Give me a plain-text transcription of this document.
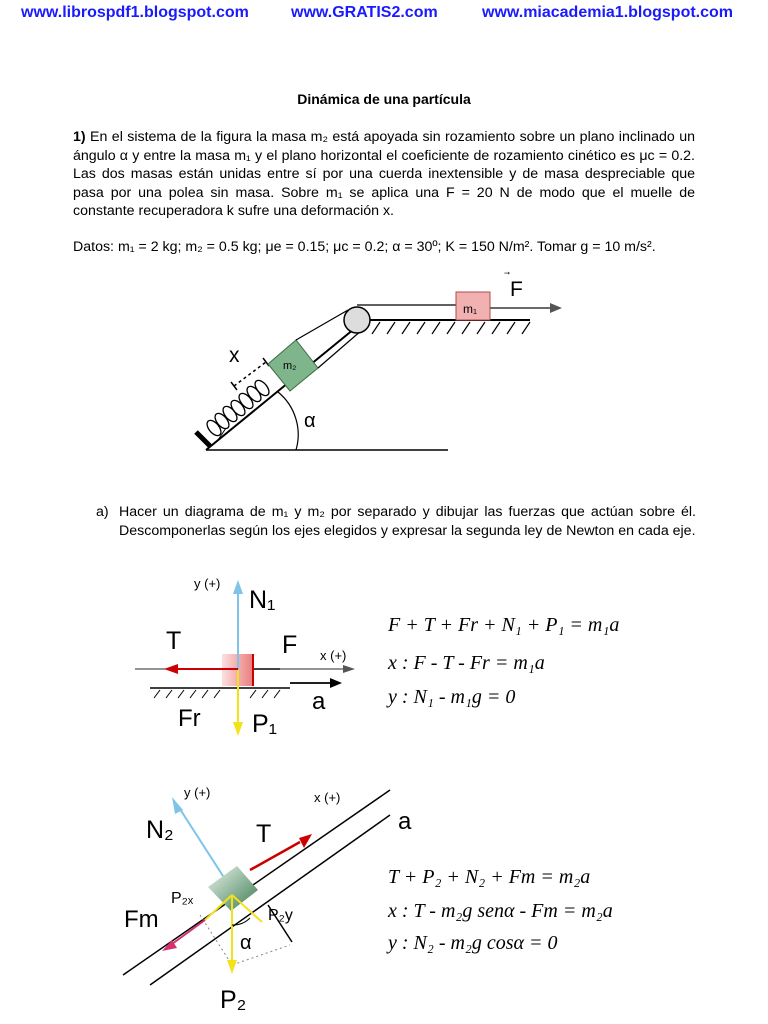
www.librospdf1.blogspot.com	www.GRATIS2.com	www.miacademia1.blogspot.com
Dinámica de una partícula
1) En el sistema de la figura la masa m₂ está apoyada sin rozamiento sobre un plano inclinado un ángulo α y entre la masa m₁ y el plano horizontal el coeficiente de rozamiento cinético es μc = 0.2. Las dos masas están unidas entre sí por una cuerda inextensible y de masa despreciable que pasa por una polea sin masa. Sobre m₁ se aplica una F = 20 N de modo que el muelle de constante recuperadora k sufre una deformación x.
Datos: m₁ = 2 kg; m₂ = 0.5 kg; μe = 0.15; μc = 0.2; α = 30º; K = 150 N/m². Tomar g = 10 m/s².
x	m₂
m₁
F
α
a) Hacer un diagrama de m₁ y m₂ por separado y dibujar las fuerzas que actúan sobre él. Descomponerlas según los ejes elegidos y expresar la segunda ley de Newton en cada eje.
y (+)
N₁
T	F x (+)
a
Fr P₁
F + T + Fr + N₁ + P₁ = m₁a
x : F - T - Fr = m₁a
y : N₁ - m₁g = 0
y (+)	x (+)
N₂	T	a
P₂ₓ
P₂y
Fm
α
P₂
T + P₂ + N₂ + Fm = m₂a
x : T - m₂g senα - Fm = m₂a
y : N₂ - m₂g cosα = 0
